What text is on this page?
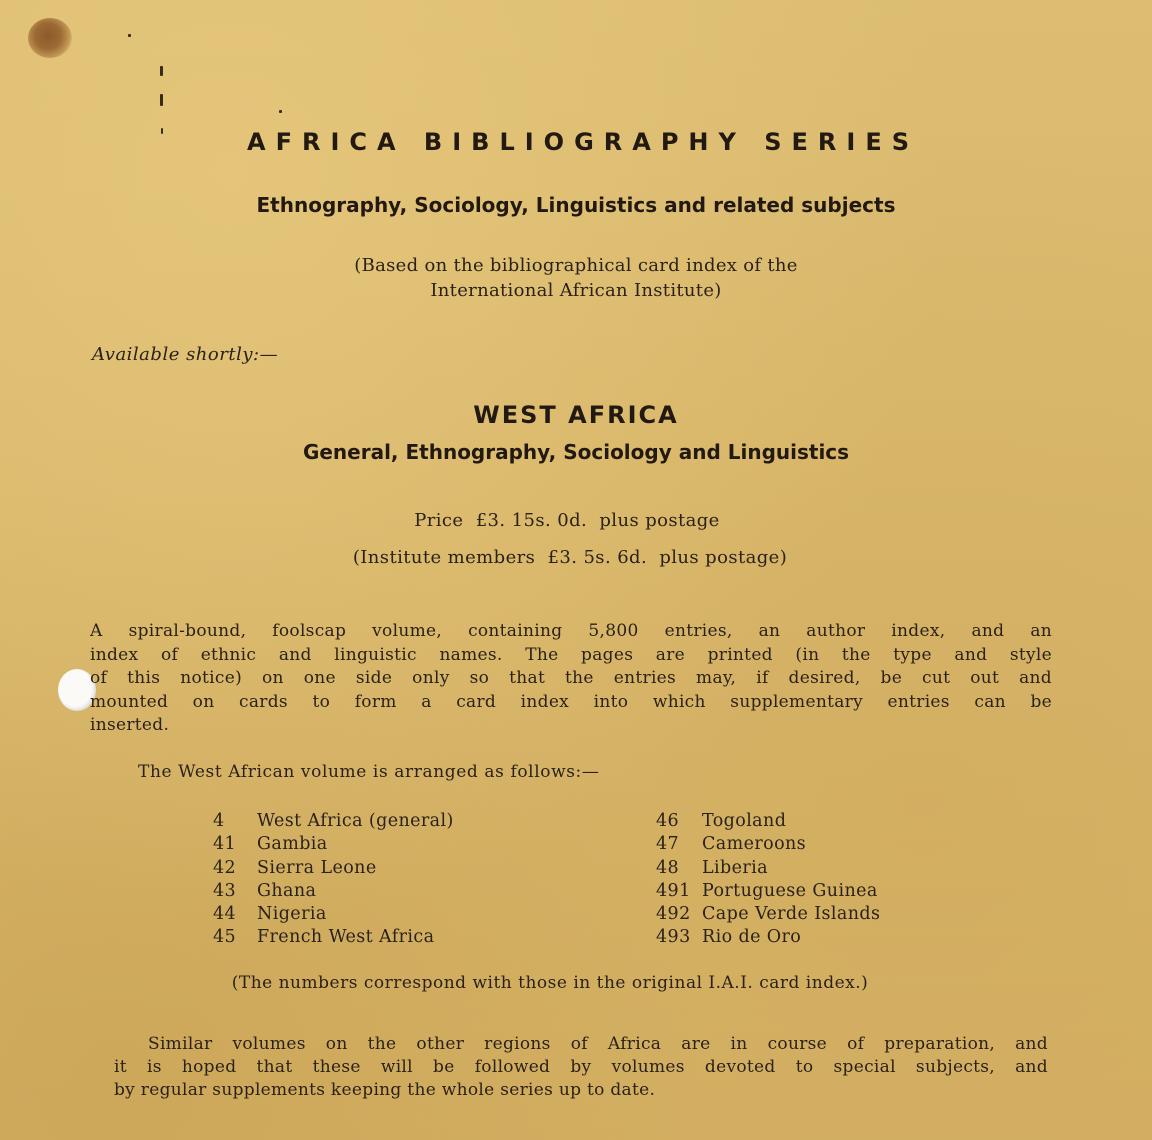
AFRICA BIBLIOGRAPHY SERIES
Ethnography, Sociology, Linguistics and related subjects
(Based on the bibliographical card index of the
International African Institute)
Available shortly:—
WEST AFRICA
General, Ethnography, Sociology and Linguistics
Price  £3. 15s. 0d.  plus postage
(Institute members  £3. 5s. 6d.  plus postage)
A spiral-bound, foolscap volume, containing 5,800 entries, an author index, and an
index of ethnic and linguistic names. The pages are printed (in the type and style
of this notice) on one side only so that the entries may, if desired, be cut out and
mounted on cards to form a card index into which supplementary entries can be
inserted.
The West African volume is arranged as follows:—
4 West Africa (general)
41 Gambia
42 Sierra Leone
43 Ghana
44 Nigeria
45 French West Africa
46 Togoland
47 Cameroons
48 Liberia
491 Portuguese Guinea
492 Cape Verde Islands
493 Rio de Oro
(The numbers correspond with those in the original I.A.I. card index.)
Similar volumes on the other regions of Africa are in course of preparation, and
it is hoped that these will be followed by volumes devoted to special subjects, and
by regular supplements keeping the whole series up to date.
